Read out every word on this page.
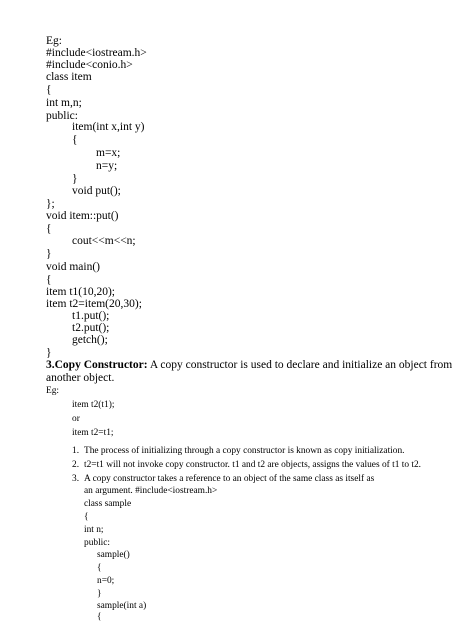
Eg:
#include<iostream.h>
#include<conio.h>
class item
{
int m,n;
public:
item(int x,int y)
{
m=x;
n=y;
}
void put();
};
void item::put()
{
cout<<m<<n;
}
void main()
{
item t1(10,20);
item t2=item(20,30);
t1.put();
t2.put();
getch();
}
3.Copy Constructor: A copy constructor is used to declare and initialize an object from
another object.
Eg:
item t2(t1);
or
item t2=t1;
1. The process of initializing through a copy constructor is known as copy initialization.
2. t2=t1 will not invoke copy constructor. t1 and t2 are objects, assigns the values of t1 to t2.
3. A copy constructor takes a reference to an object of the same class as itself as
an argument. #include<iostream.h>
class sample
{
int n;
public:
sample()
{
n=0;
}
sample(int a)
{
